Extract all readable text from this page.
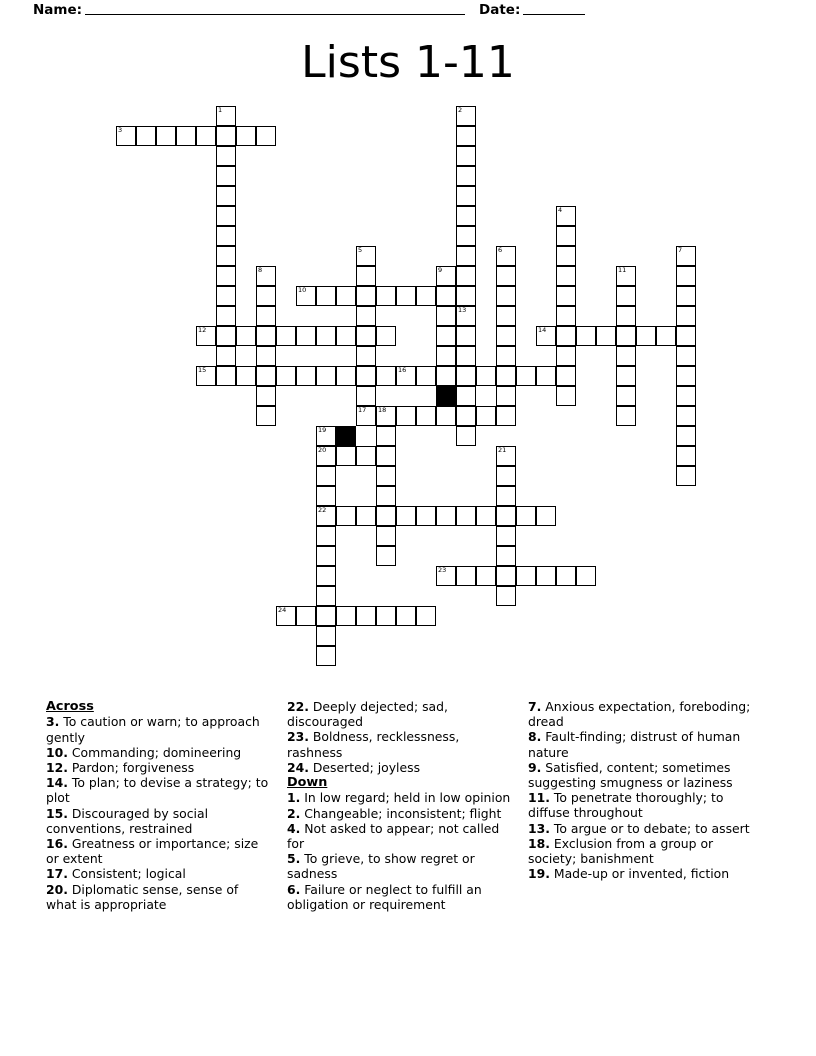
Name:	Date:
Lists 1-11
1	2
3
4
5	6	7
8	9
10
11
12
13
14
15	16
17 18
19
20
22
21
23
24
Across
3. To caution or warn; to approach gently
10. Commanding; domineering
12. Pardon; forgiveness
14. To plan; to devise a strategy; to plot
15. Discouraged by social conventions, restrained
16. Greatness or importance; size or extent
17. Consistent; logical
20. Diplomatic sense, sense of what is appropriate
22. Deeply dejected; sad, discouraged
23. Boldness, recklessness, rashness
24. Deserted; joyless
Down
1. In low regard; held in low opinion
2. Changeable; inconsistent; flight
4. Not asked to appear; not called for
5. To grieve, to show regret or sadness
6. Failure or neglect to fulfill an obligation or requirement
7. Anxious expectation, foreboding; dread
8. Fault-finding; distrust of human nature
9. Satisfied, content; sometimes suggesting smugness or laziness
11. To penetrate thoroughly; to diffuse throughout
13. To argue or to debate; to assert
18. Exclusion from a group or society; banishment
19. Made-up or invented, fiction
